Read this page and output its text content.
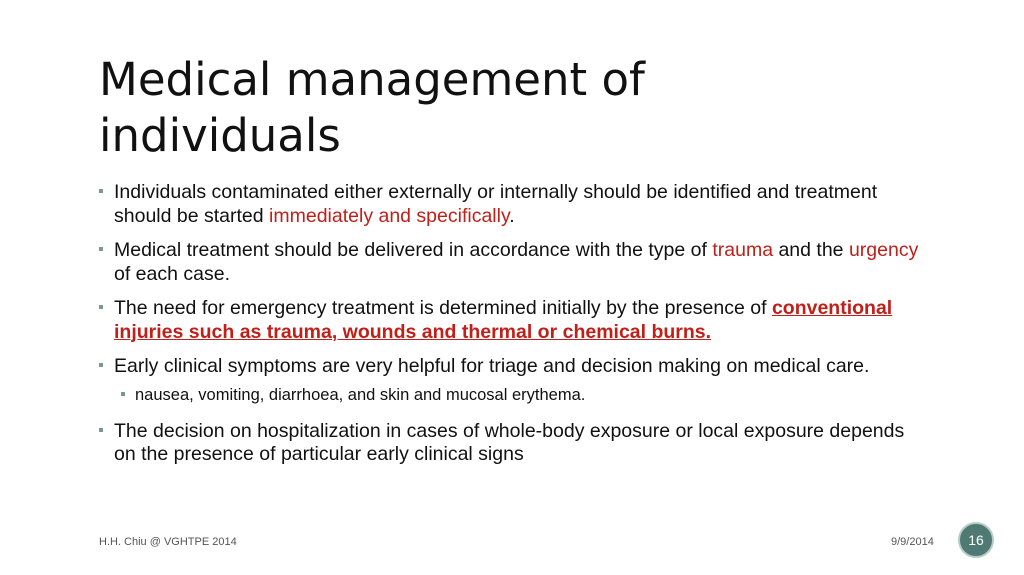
Medical management of
individuals
Individuals contaminated either externally or internally should be identified and treatment should be started immediately and specifically.
Medical treatment should be delivered in accordance with the type of trauma and the urgency of each case.
The need for emergency treatment is determined initially by the presence of conventional injuries such as trauma, wounds and thermal or chemical burns.
Early clinical symptoms are very helpful for triage and decision making on medical care.
nausea, vomiting, diarrhoea, and skin and mucosal erythema.
The decision on hospitalization in cases of whole-body exposure or local exposure depends on the presence of particular early clinical signs
H.H. Chiu @ VGHTPE 2014	9/9/2014 16
